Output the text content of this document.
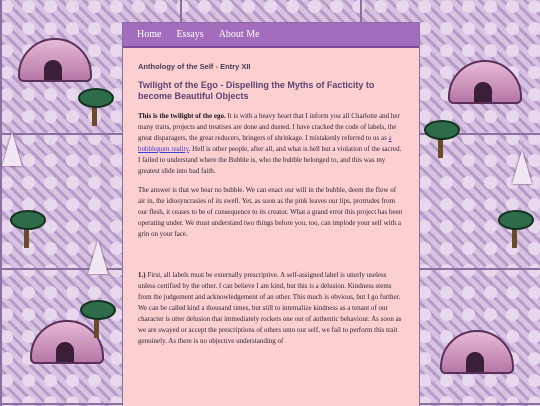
Home Essays About Me
Anthology of the Self - Entry XII
Twilight of the Ego - Dispelling the Myths of Facticity to become Beautiful Objects

This is the twilight of the ego. It is with a heavy heart that I inform you all Charlotte and her many traits, projects and treatises are done and dusted. I have cracked the code of labels, the great disparagers, the great reducers, bringers of shrinkage. I mistakenly referred to us as a bubblegum reality. Hell is other people, after all, and what is hell but a violation of the sacred. I failed to understand where the Bubble is, who the bubble belonged to, and this was my greatest slide into bad faith.

The answer is that we bear no bubble. We can enact our will in the bubble, deem the flow of air in, the idiosyncrasies of its swell. Yet, as soon as the pink leaves our lips, protrudes from our flesh, it ceases to be of consequence to its creator. What a grand error this project has been operating under. We must understand two things before you, too, can implode your self with a grin on your face.

1.) First, all labels must be externally prescriptive. A self-assigned label is utterly useless unless certified by the other. I can believe I am kind, but this is a delusion. Kindness stems from the judgement and acknowledgement of an other. This much is obvious, but I go further. We can be called kind a thousand times, but still to internalize kindness as a tenant of our character is utter delusion that immediately rockets one out of authentic behaviour. As soon as we are swayed or accept the prescriptions of others unto our self, we fail to perform this trait genuinely. As there is no objective understanding of
